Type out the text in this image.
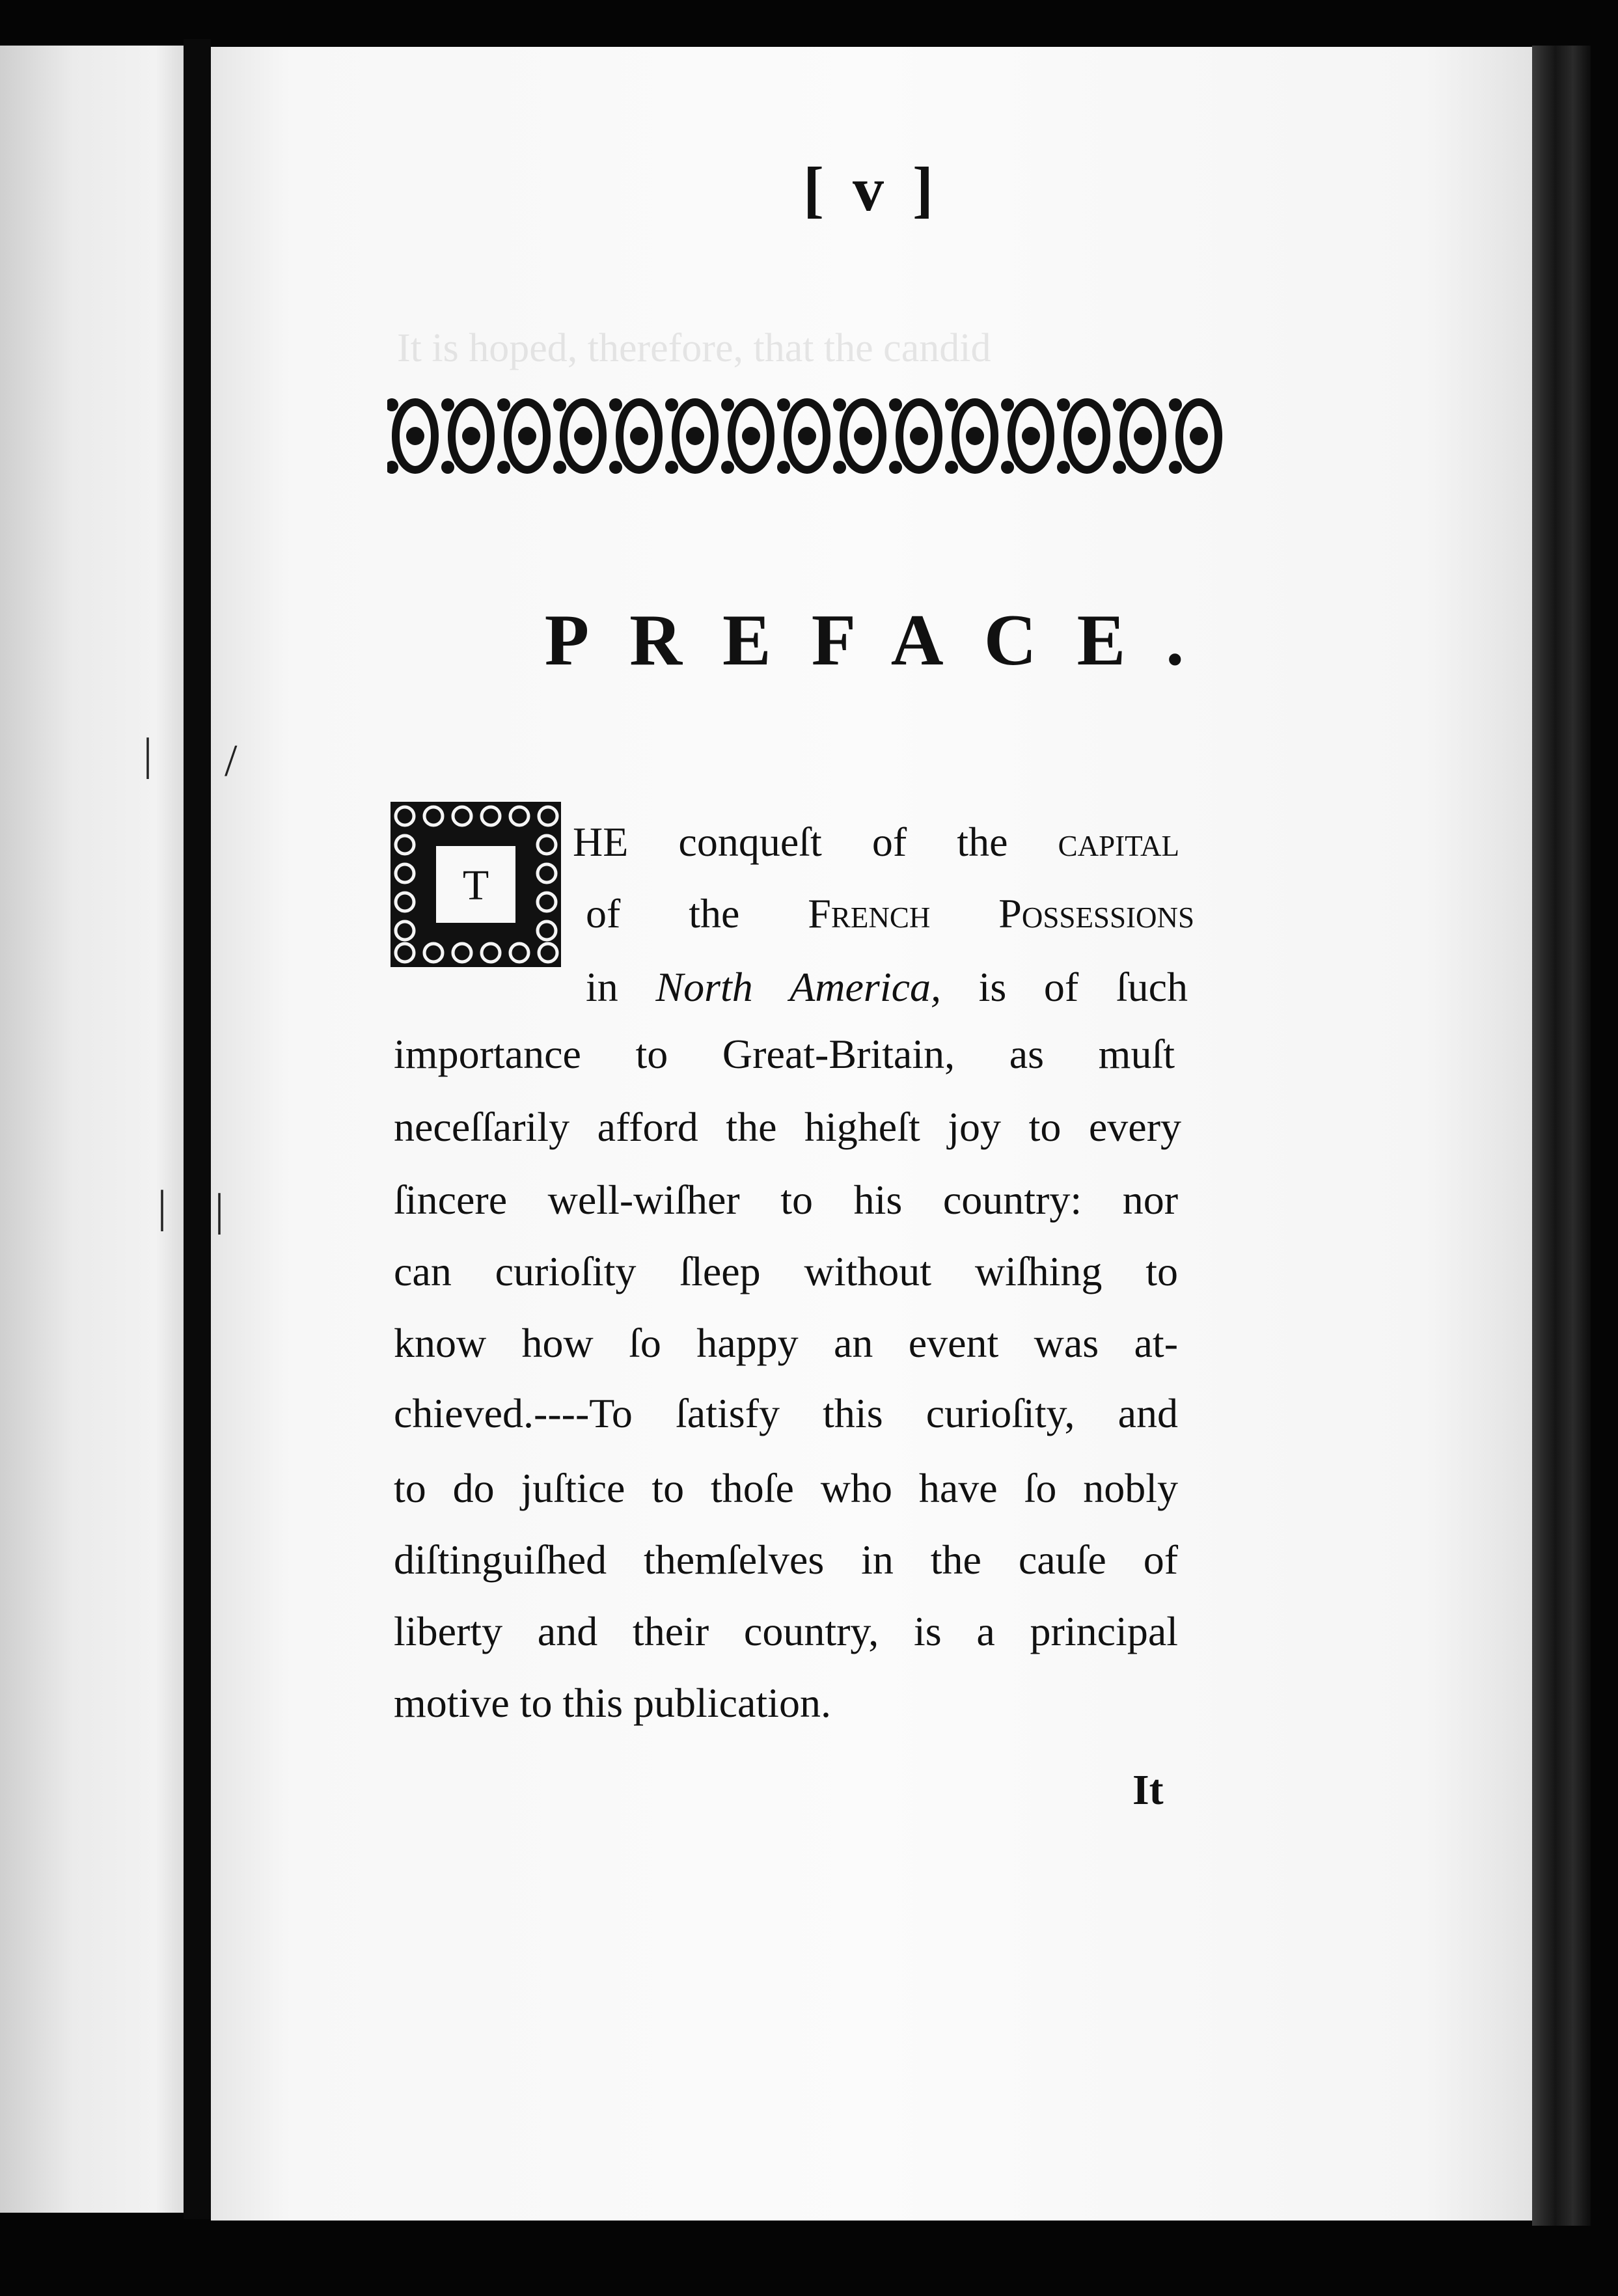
It is hoped, therefore, that the candid
| /
| |
[ v ]
PREFACE.
T
HE conqueſt of the capital
of the French Possessions
in North America, is of ſuch
importance to Great-Britain, as muſt
neceſſarily afford the higheſt joy to every
ſincere well-wiſher to his country: nor
can curioſity ſleep without wiſhing to
know how ſo happy an event was at-
chieved.----To ſatisfy this curioſity, and
to do juſtice to thoſe who have ſo nobly
diſtinguiſhed themſelves in the cauſe of
liberty and their country, is a principal
motive to this publication.
It
